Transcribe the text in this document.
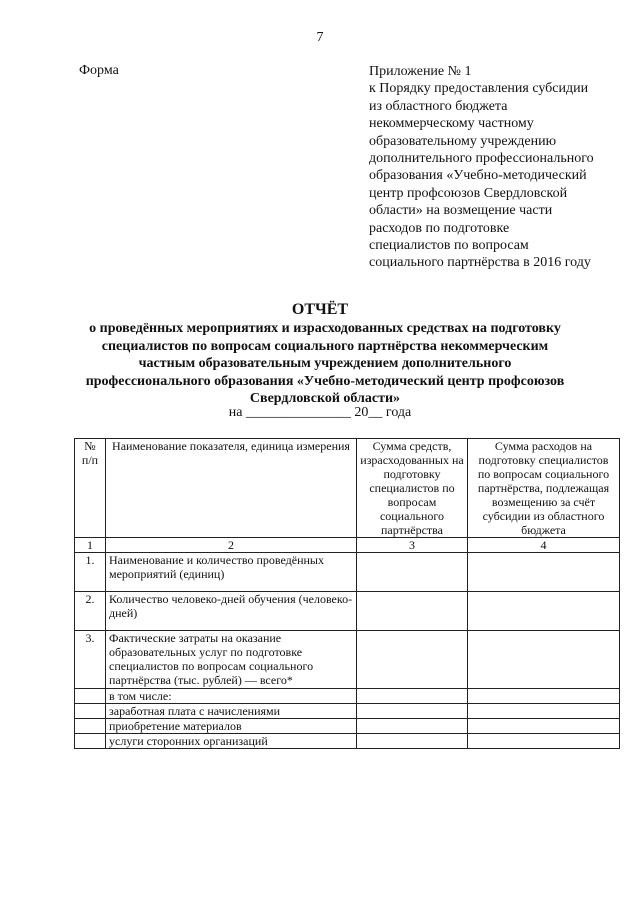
7
Форма	Приложение № 1
к Порядку предоставления субсидии
из областного бюджета
некоммерческому частному
образовательному учреждению
дополнительного профессионального
образования «Учебно-методический
центр профсоюзов Свердловской
области» на возмещение части
расходов по подготовке
специалистов по вопросам
социального партнёрства в 2016 году
ОТЧЁТ
о проведённых мероприятиях и израсходованных средствах на подготовку
специалистов по вопросам социального партнёрства некоммерческим
частным образовательным учреждением дополнительного
профессионального образования «Учебно-методический центр профсоюзов
Свердловской области»
на _______________ 20__ года
№ п/п	Наименование показателя, единица измерения	Сумма средств, израсходованных на подготовку специалистов по вопросам социального партнёрства	Сумма расходов на подготовку специалистов по вопросам социального партнёрства, подлежащая возмещению за счёт субсидии из областного бюджета
1	2	3	4
1.	Наименование и количество проведённых мероприятий (единиц)		
2.	Количество человеко-дней обучения (человеко-дней)		
3.	Фактические затраты на оказание образовательных услуг по подготовке специалистов по вопросам социального партнёрства (тыс. рублей) — всего*		
	в том числе:		
	заработная плата с начислениями		
	приобретение материалов		
	услуги сторонних организаций		
